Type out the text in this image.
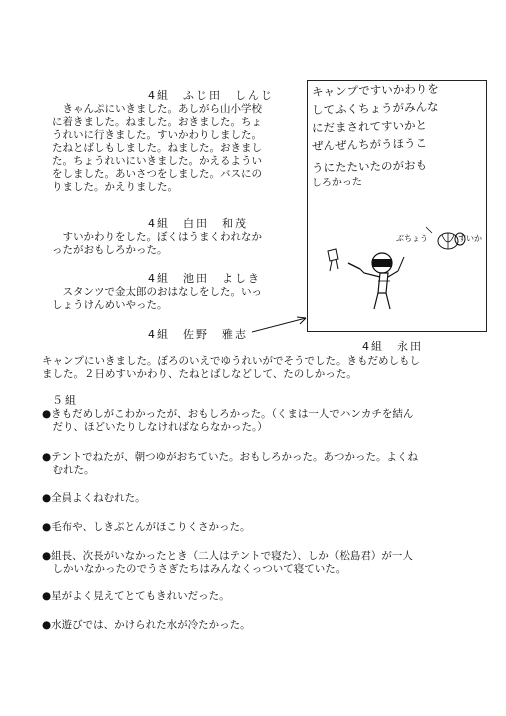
4組　ふじ田　しんじ

きゃんぷにいきました。あしがら山小学校

に着きました。ねました。おきました。ちょ

うれいに行きました。すいかわりしました。

たねとばしもしました。ねました。おきまし

た。ちょうれいにいきました。かえるようい

をしました。あいさつをしました。バスにの

りました。かえりました。

4組　白田　和茂

すいかわりをした。ぼくはうまくわれなか

ったがおもしろかった。

4組　池田　よしき

スタンツで金太郎のおはなしをした。いっ

しょうけんめいやった。

4組　佐野　雅志
キャンプですいかわりを
してふくちょうがみんな
にだまされてすいかと
ぜんぜんちがうほうこ
うにたたいたのがおも
しろかった
ぶちょう	すいか
4組　永田

キャンプにいきました。ぼろのいえでゆうれいがでそうでした。きもだめしもし

ました。２日めすいかわり、たねとばしなどして、たのしかった。

５組

●きもだめしがこわかったが、おもしろかった。（くまは一人でハンカチを結ん

だり、ほどいたりしなければならなかった。）

●テントでねたが、朝つゆがおちていた。おもしろかった。あつかった。よくね

むれた。

●全員よくねむれた。

●毛布や、しきぶとんがほこりくさかった。

●組長、次長がいなかったとき（二人はテントで寝た）、しか（松島君）が一人

しかいなかったのでうさぎたちはみんなくっついて寝ていた。

●星がよく見えてとてもきれいだった。

●水遊びでは、かけられた水が冷たかった。
